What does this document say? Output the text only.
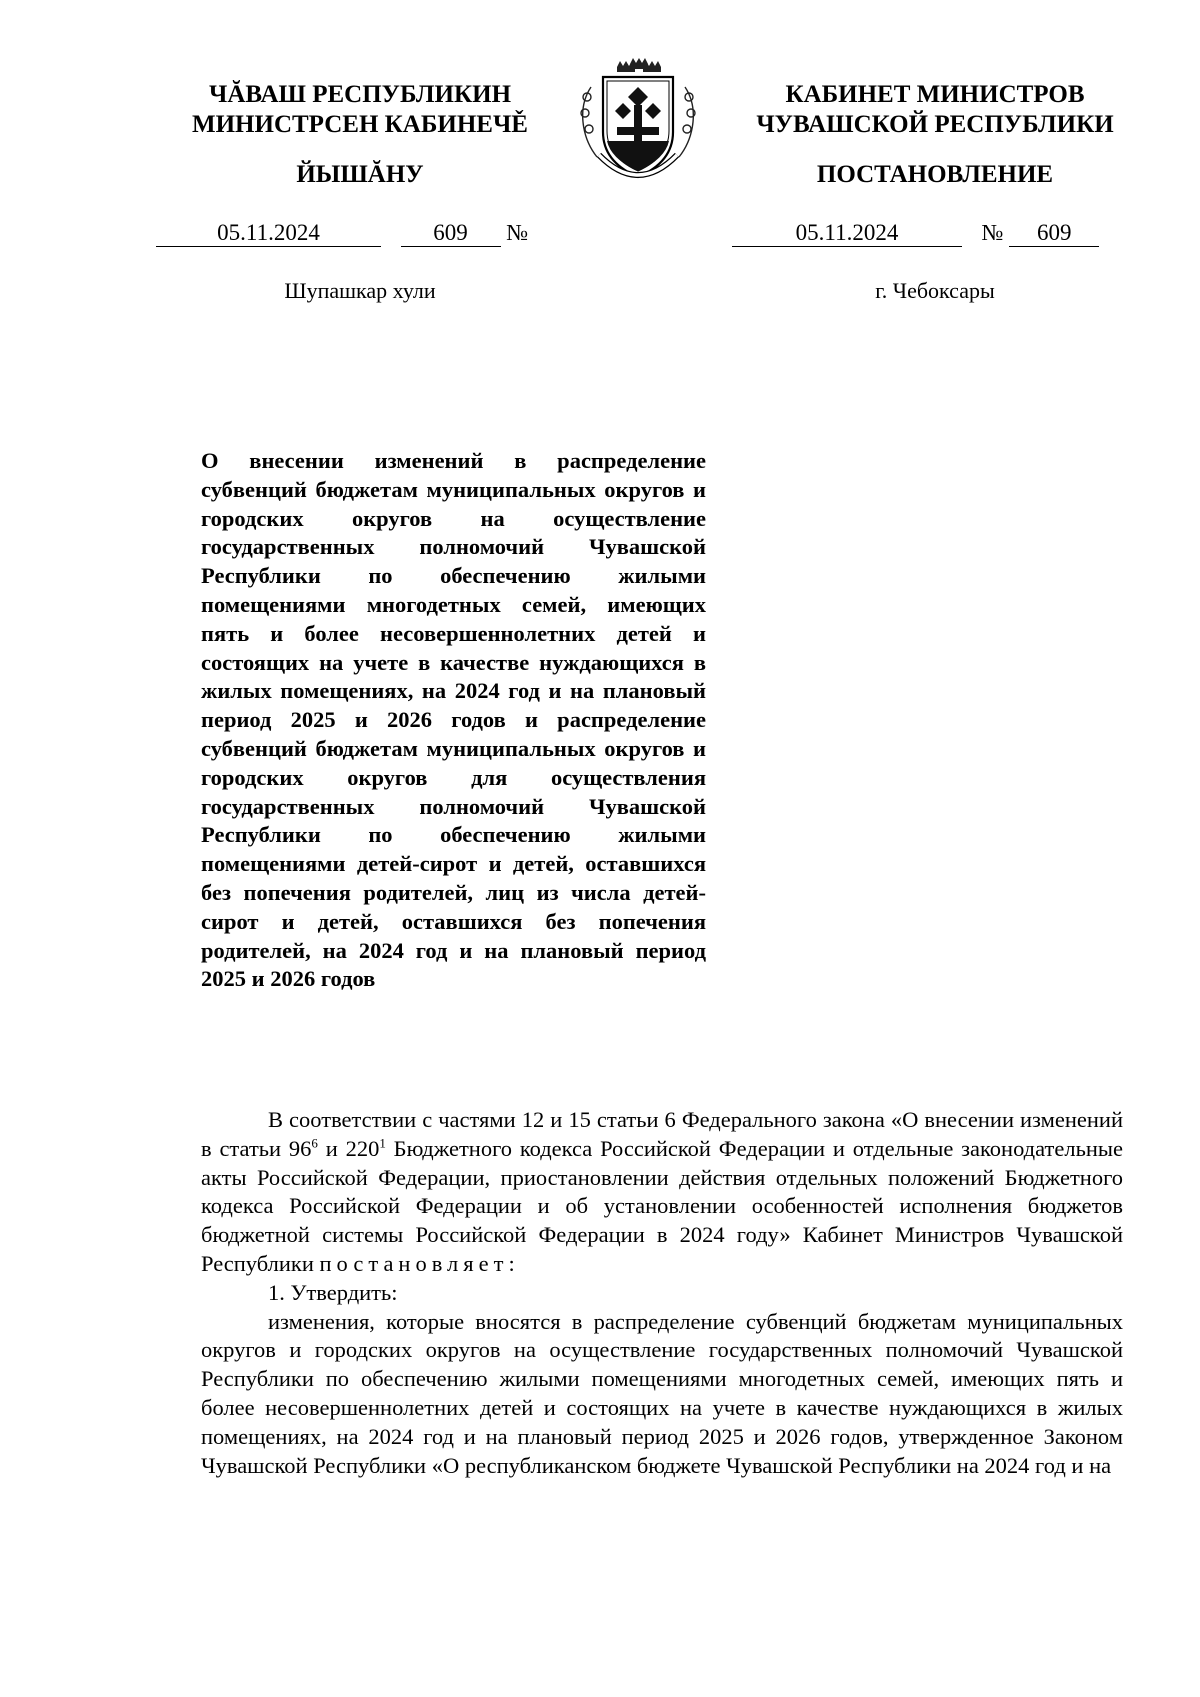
ЧĂВАШ РЕСПУБЛИКИН
МИНИСТРСЕН КАБИНЕЧĚ
ЙЫШĂНУ
КАБИНЕТ МИНИСТРОВ
ЧУВАШСКОЙ РЕСПУБЛИКИ
ПОСТАНОВЛЕНИЕ
05.11.2024	609 №	05.11.2024	№ 609
Шупашкар хули	г. Чебоксары
О внесении изменений в распределение субвенций бюджетам муниципальных округов и городских округов на осуществление государственных полномочий Чувашской Республики по обеспечению жилыми помещениями многодетных семей, имеющих пять и более несовершеннолетних детей и состоящих на учете в качестве нуждающихся в жилых помещениях, на 2024 год и на плановый период 2025 и 2026 годов и распределение субвенций бюджетам муниципальных округов и городских округов для осуществления государственных полномочий Чувашской Республики по обеспечению жилыми помещениями детей-сирот и детей, оставшихся без попечения родителей, лиц из числа детей-сирот и детей, оставшихся без попечения родителей, на 2024 год и на плановый период 2025 и 2026 годов

В соответствии с частями 12 и 15 статьи 6 Федерального закона «О внесении изменений в статьи $96^6$ и $220^1$ Бюджетного кодекса Российской Федерации и отдельные законодательные акты Российской Федерации, приостановлении действия отдельных положений Бюджетного кодекса Российской Федерации и об установлении особенностей исполнения бюджетов бюджетной системы Российской Федерации в 2024 году» Кабинет Министров Чувашской Республики постановляет:

1. Утвердить:

изменения, которые вносятся в распределение субвенций бюджетам муниципальных округов и городских округов на осуществление государственных полномочий Чувашской Республики по обеспечению жилыми помещениями многодетных семей, имеющих пять и более несовершеннолетних детей и состоящих на учете в качестве нуждающихся в жилых помещениях, на 2024 год и на плановый период 2025 и 2026 годов, утвержденное Законом Чувашской Республики «О республиканском бюджете Чувашской Республики на 2024 год и на
